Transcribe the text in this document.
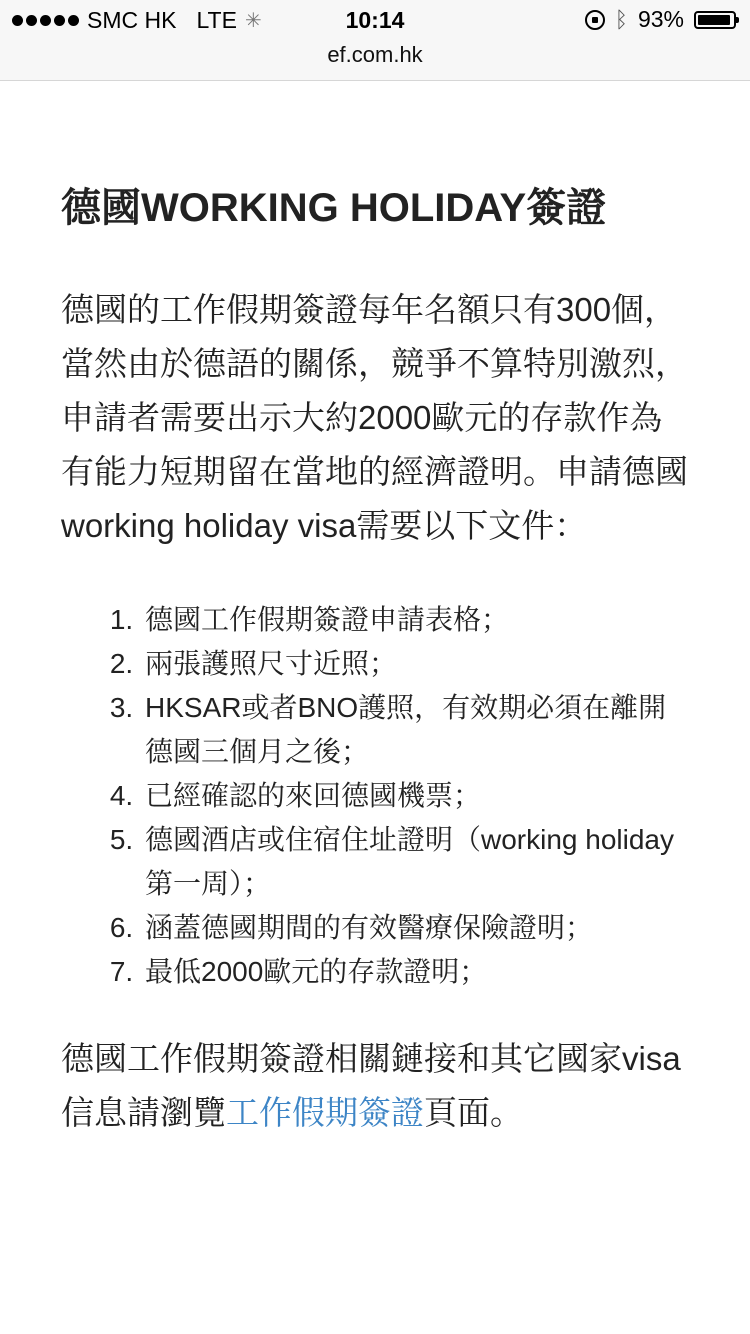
SMC HK LTE ✳	10:14	ᛒ 93%
ef.com.hk
德國WORKING HOLIDAY簽證

德國的工作假期簽證每年名額只有300個，當然由於德語的關係，競爭不算特別激烈，申請者需要出示大約2000歐元的存款作為有能力短期留在當地的經濟證明。申請德國working holiday visa需要以下文件：

1. 德國工作假期簽證申請表格；
2. 兩張護照尺寸近照；
3. HKSAR或者BNO護照，有效期必須在離開德國三個月之後；
4. 已經確認的來回德國機票；
5. 德國酒店或住宿住址證明（working holiday第一周）；
6. 涵蓋德國期間的有效醫療保險證明；
7. 最低2000歐元的存款證明；

德國工作假期簽證相關鏈接和其它國家visa信息請瀏覽工作假期簽證頁面。
